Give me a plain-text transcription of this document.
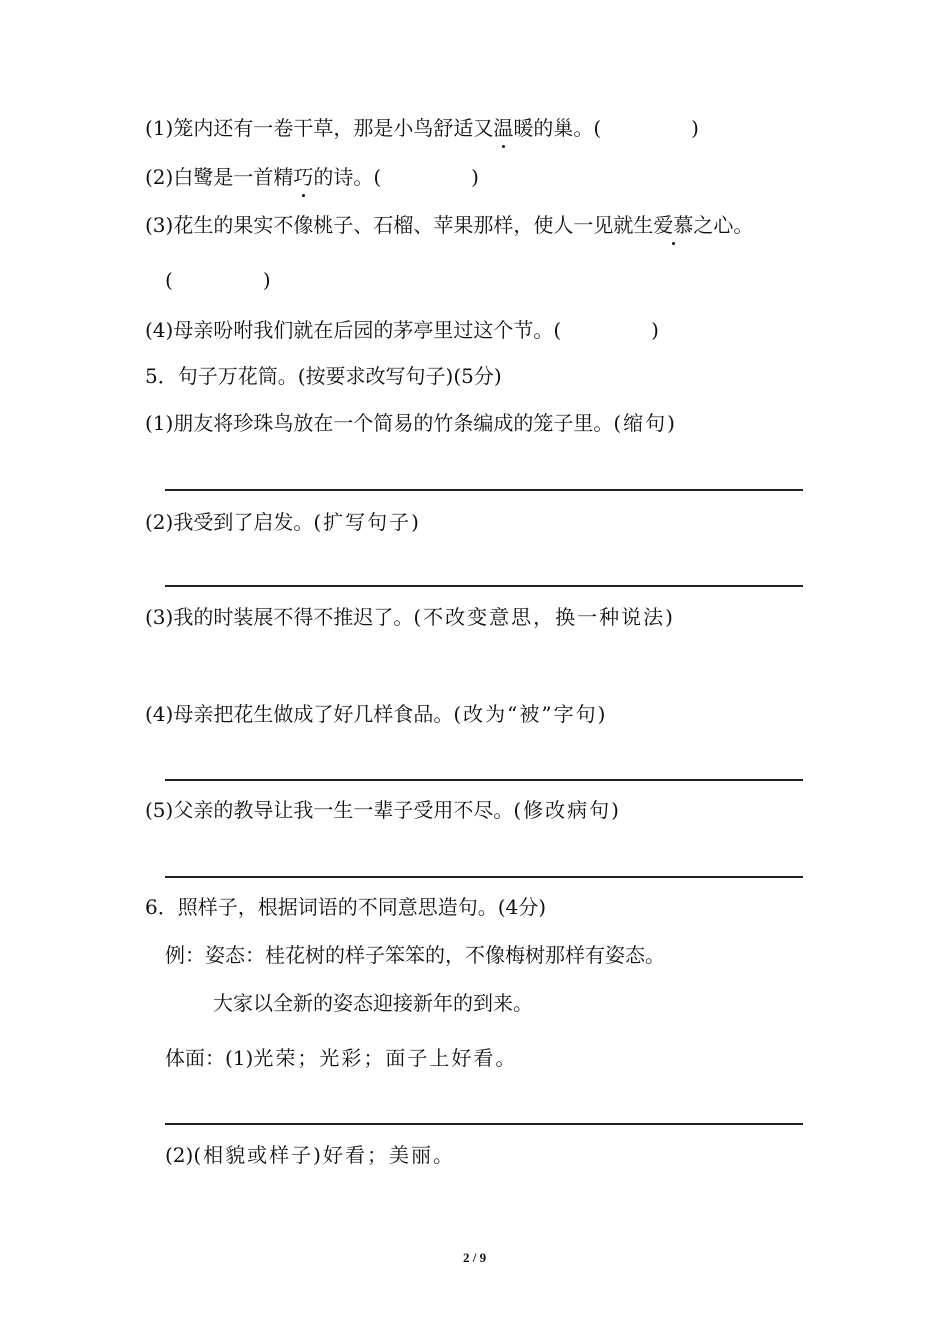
(1)笼内还有一卷干草，那是小鸟舒适又温暖的巢。(	)
(2)白鹭是一首精巧的诗。(	)
(3)花生的果实不像桃子、石榴、苹果那样，使人一见就生爱慕之心。
(	)
(4)母亲吩咐我们就在后园的茅亭里过这个节。(	)
5．句子万花筒。(按要求改写句子)(5分)
(1)朋友将珍珠鸟放在一个简易的竹条编成的笼子里。(缩句)
(2)我受到了启发。(扩写句子)
(3)我的时装展不得不推迟了。(不改变意思，换一种说法)
(4)母亲把花生做成了好几样食品。(改为“被”字句)
(5)父亲的教导让我一生一辈子受用不尽。(修改病句)
6．照样子，根据词语的不同意思造句。(4分)
例：姿态：桂花树的样子笨笨的，不像梅树那样有姿态。
大家以全新的姿态迎接新年的到来。
体面：(1)光荣；光彩；面子上好看。
(2)(相貌或样子)好看；美丽。
2 / 9
